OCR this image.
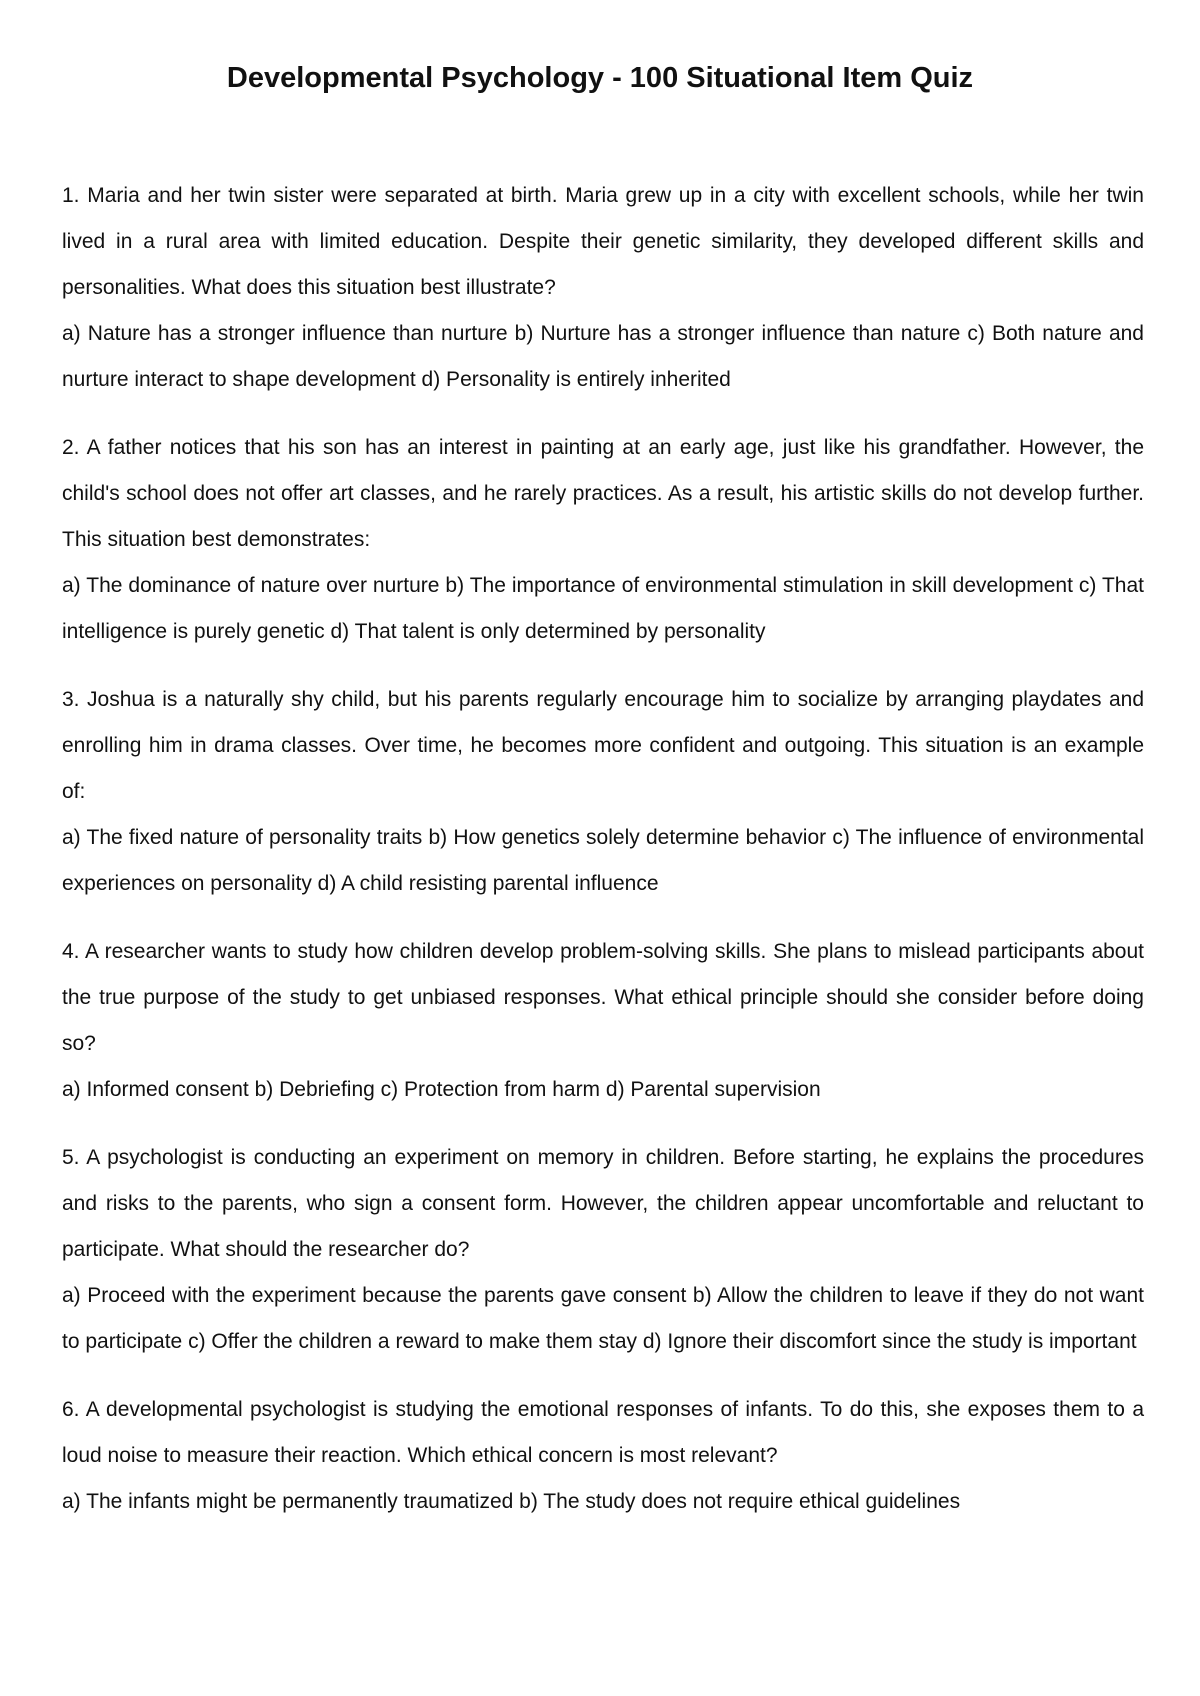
Developmental Psychology - 100 Situational Item Quiz

1. Maria and her twin sister were separated at birth. Maria grew up in a city with excellent schools, while her twin lived in a rural area with limited education. Despite their genetic similarity, they developed different skills and personalities. What does this situation best illustrate?

a) Nature has a stronger influence than nurture b) Nurture has a stronger influence than nature c) Both nature and nurture interact to shape development d) Personality is entirely inherited

2. A father notices that his son has an interest in painting at an early age, just like his grandfather. However, the child's school does not offer art classes, and he rarely practices. As a result, his artistic skills do not develop further. This situation best demonstrates:

a) The dominance of nature over nurture b) The importance of environmental stimulation in skill development c) That intelligence is purely genetic d) That talent is only determined by personality

3. Joshua is a naturally shy child, but his parents regularly encourage him to socialize by arranging playdates and enrolling him in drama classes. Over time, he becomes more confident and outgoing. This situation is an example of:

a) The fixed nature of personality traits b) How genetics solely determine behavior c) The influence of environmental experiences on personality d) A child resisting parental influence

4. A researcher wants to study how children develop problem-solving skills. She plans to mislead participants about the true purpose of the study to get unbiased responses. What ethical principle should she consider before doing so?

a) Informed consent b) Debriefing c) Protection from harm d) Parental supervision

5. A psychologist is conducting an experiment on memory in children. Before starting, he explains the procedures and risks to the parents, who sign a consent form. However, the children appear uncomfortable and reluctant to participate. What should the researcher do?

a) Proceed with the experiment because the parents gave consent b) Allow the children to leave if they do not want to participate c) Offer the children a reward to make them stay d) Ignore their discomfort since the study is important

6. A developmental psychologist is studying the emotional responses of infants. To do this, she exposes them to a loud noise to measure their reaction. Which ethical concern is most relevant?

a) The infants might be permanently traumatized b) The study does not require ethical guidelines
